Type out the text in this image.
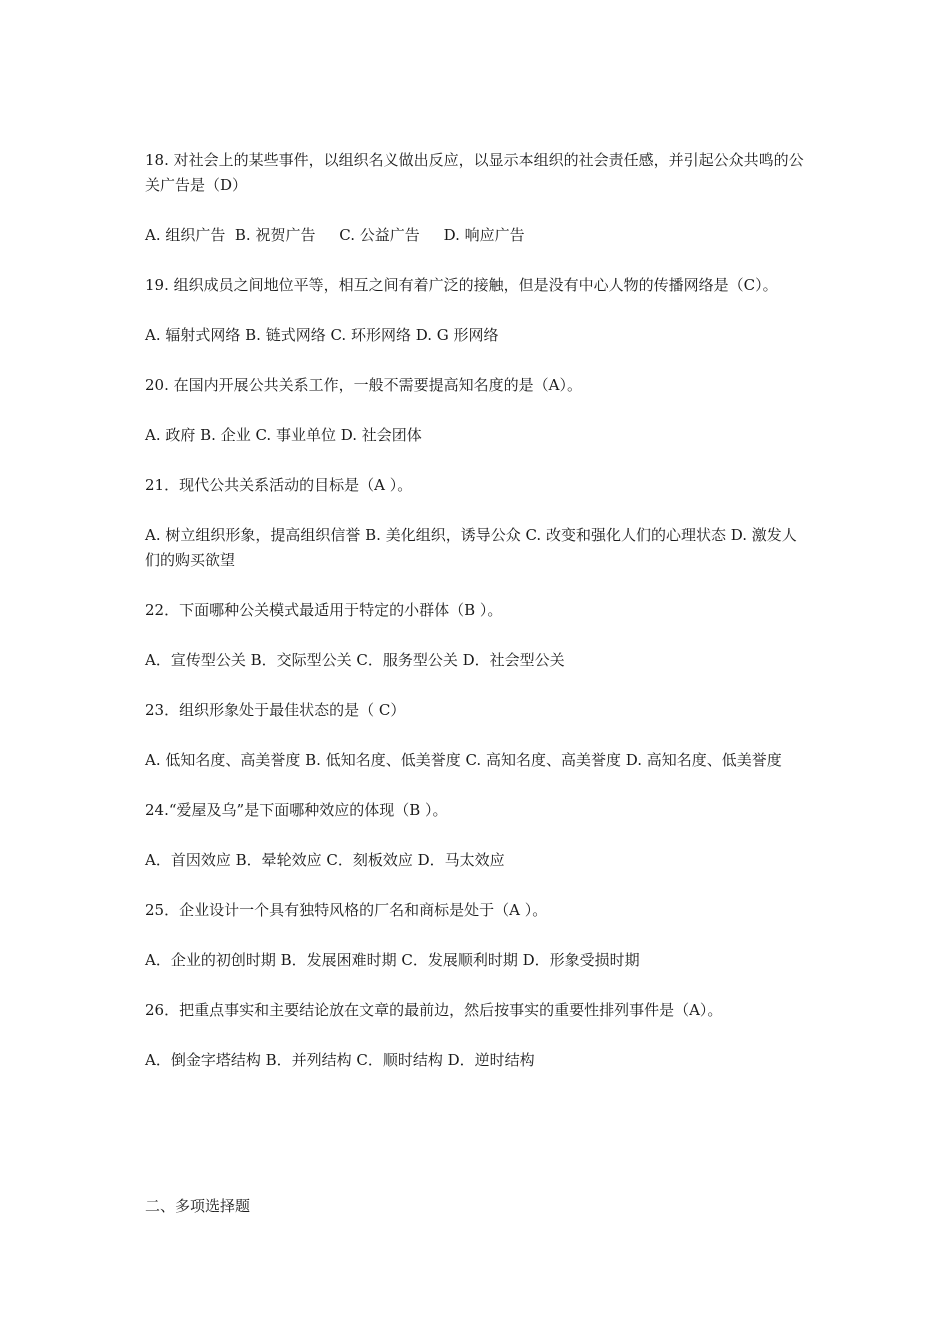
18. 对社会上的某些事件，以组织名义做出反应，以显示本组织的社会责任感，并引起公众共鸣的公关广告是（D）

A. 组织广告  B. 祝贺广告     C. 公益广告     D. 响应广告

19. 组织成员之间地位平等，相互之间有着广泛的接触，但是没有中心人物的传播网络是（C）。

A. 辐射式网络 B. 链式网络 C. 环形网络 D. G 形网络

20. 在国内开展公共关系工作，一般不需要提高知名度的是（A）。

A. 政府 B. 企业 C. 事业单位 D. 社会团体

21．现代公共关系活动的目标是（A ）。

A. 树立组织形象，提高组织信誉 B. 美化组织，诱导公众 C. 改变和强化人们的心理状态 D. 激发人们的购买欲望

22．下面哪种公关模式最适用于特定的小群体（B ）。

A．宣传型公关 B．交际型公关 C．服务型公关 D．社会型公关

23．组织形象处于最佳状态的是（ C）

A. 低知名度、高美誉度 B. 低知名度、低美誉度 C. 高知名度、高美誉度 D. 高知名度、低美誉度

24.“爱屋及乌”是下面哪种效应的体现（B ）。

A．首因效应 B．晕轮效应 C．刻板效应 D．马太效应

25．企业设计一个具有独特风格的厂名和商标是处于（A ）。

A．企业的初创时期 B．发展困难时期 C．发展顺利时期 D．形象受损时期

26．把重点事实和主要结论放在文章的最前边，然后按事实的重要性排列事件是（A）。

A．倒金字塔结构 B．并列结构 C．顺时结构 D．逆时结构

二、多项选择题
